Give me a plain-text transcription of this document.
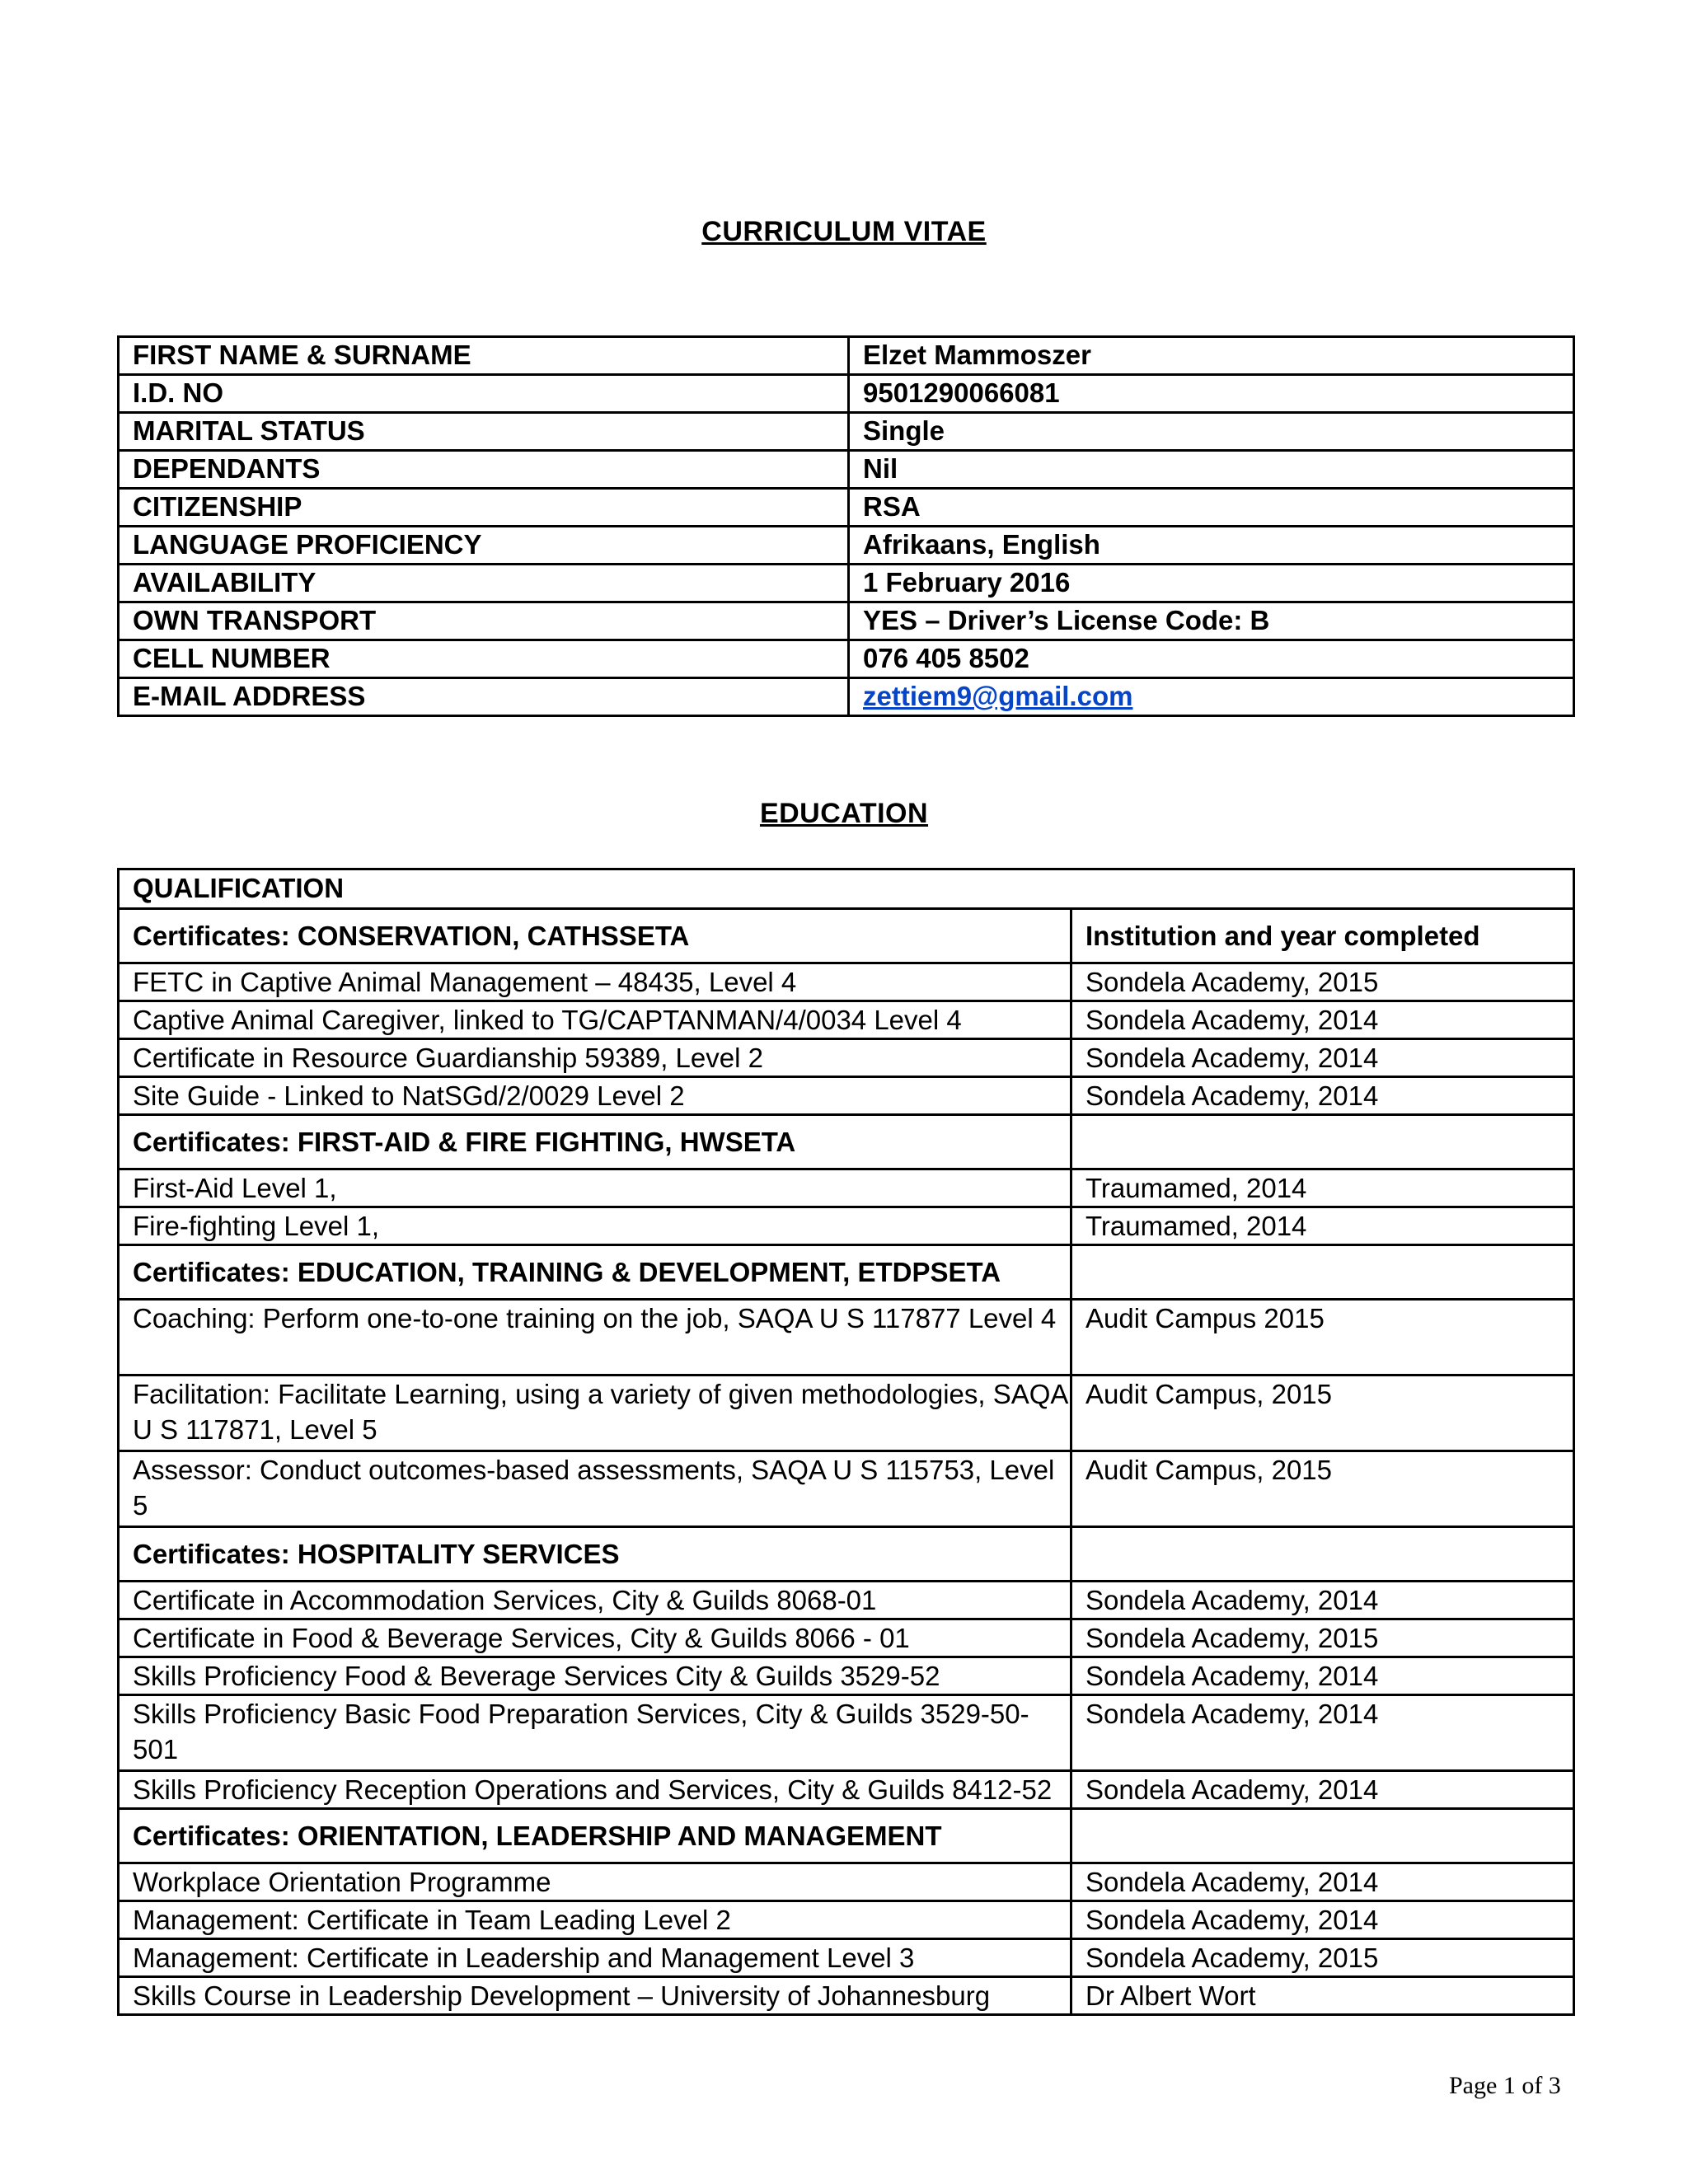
CURRICULUM VITAE
FIRST NAME & SURNAME	Elzet Mammoszer
I.D. NO	9501290066081
MARITAL STATUS	Single
DEPENDANTS	Nil
CITIZENSHIP	RSA
LANGUAGE PROFICIENCY	Afrikaans, English
AVAILABILITY	1 February 2016
OWN TRANSPORT	YES – Driver’s License Code: B
CELL NUMBER	076 405 8502
E-MAIL ADDRESS	zettiem9@gmail.com
EDUCATION
QUALIFICATION	
Certificates: CONSERVATION, CATHSSETA	Institution and year completed
FETC in Captive Animal Management – 48435, Level 4	Sondela Academy, 2015
Captive Animal Caregiver, linked to TG/CAPTANMAN/4/0034 Level 4	Sondela Academy, 2014
Certificate in Resource Guardianship 59389, Level 2	Sondela Academy, 2014
Site Guide - Linked to NatSGd/2/0029 Level 2	Sondela Academy, 2014
Certificates: FIRST-AID & FIRE FIGHTING, HWSETA	
First-Aid Level 1,	Traumamed, 2014
Fire-fighting Level 1,	Traumamed, 2014
Certificates: EDUCATION, TRAINING & DEVELOPMENT, ETDPSETA	
Coaching: Perform one-to-one training on the job, SAQA U S 117877 Level 4	Audit Campus 2015
Facilitation: Facilitate Learning, using a variety of given methodologies, SAQA U S 117871, Level 5	Audit Campus, 2015
Assessor: Conduct outcomes-based assessments, SAQA U S 115753, Level 5	Audit Campus, 2015
Certificates: HOSPITALITY SERVICES	
Certificate in Accommodation Services, City & Guilds 8068-01	Sondela Academy, 2014
Certificate in Food & Beverage Services, City & Guilds 8066 - 01	Sondela Academy, 2015
Skills Proficiency Food & Beverage Services City & Guilds 3529-52	Sondela Academy, 2014
Skills Proficiency Basic Food Preparation Services, City & Guilds 3529-50-501	Sondela Academy, 2014
Skills Proficiency Reception Operations and Services, City & Guilds 8412-52	Sondela Academy, 2014
Certificates: ORIENTATION, LEADERSHIP AND MANAGEMENT	
Workplace Orientation Programme	Sondela Academy, 2014
Management: Certificate in Team Leading Level 2	Sondela Academy, 2014
Management: Certificate in Leadership and Management Level 3	Sondela Academy, 2015
Skills Course in Leadership Development – University of Johannesburg	Dr Albert Wort
Page 1 of 3
